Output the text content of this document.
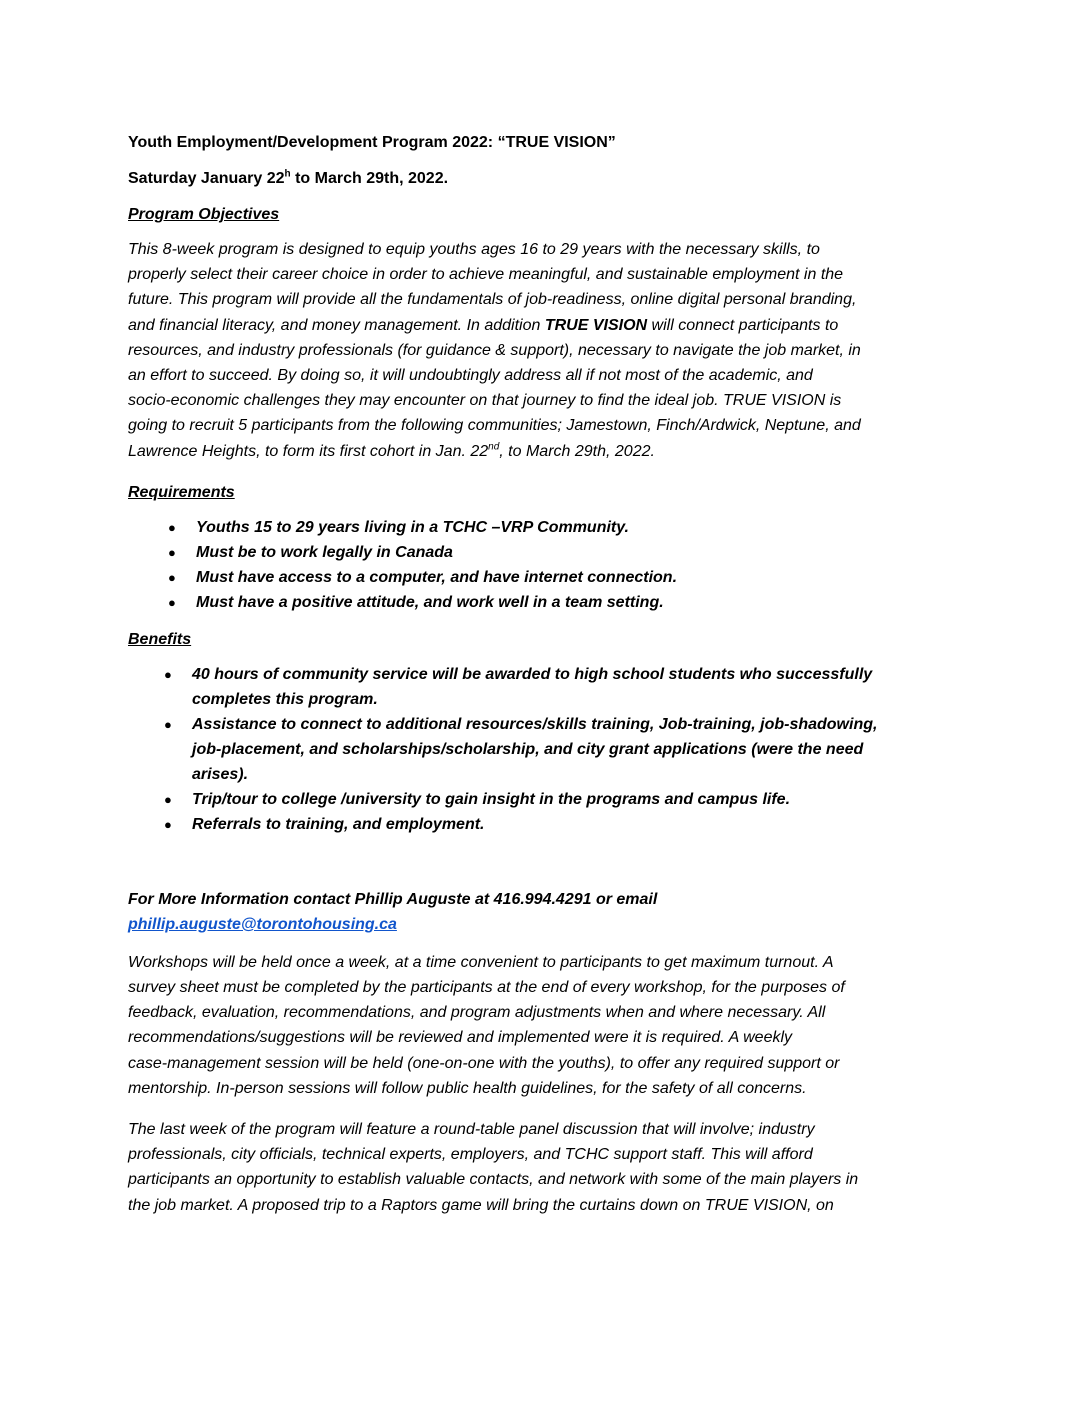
Youth Employment/Development Program 2022: “TRUE VISION”

Saturday January 22$^h$ to March 29th, 2022.

Program Objectives

This 8-week program is designed to equip youths ages 16 to 29 years with the necessary skills, to

properly select their career choice in order to achieve meaningful, and sustainable employment in the

future. This program will provide all the fundamentals of job-readiness, online digital personal branding,

and financial literacy, and money management. In addition TRUE VISION will connect participants to

resources, and industry professionals (for guidance & support), necessary to navigate the job market, in

an effort to succeed. By doing so, it will undoubtingly address all if not most of the academic, and

socio-economic challenges they may encounter on that journey to find the ideal job. TRUE VISION is

going to recruit 5 participants from the following communities; Jamestown, Finch/Ardwick, Neptune, and

Lawrence Heights, to form its first cohort in Jan. 22nd, to March 29th, 2022.

Requirements

● Youths 15 to 29 years living in a TCHC –VRP Community.
● Must be to work legally in Canada
● Must have access to a computer, and have internet connection.
● Must have a positive attitude, and work well in a team setting.

Benefits

● 40 hours of community service will be awarded to high school students who successfully
completes this program.
● Assistance to connect to additional resources/skills training, Job-training, job-shadowing,
job-placement, and scholarships/scholarship, and city grant applications (were the need
arises).
● Trip/tour to college /university to gain insight in the programs and campus life.
● Referrals to training, and employment.

For More Information contact Phillip Auguste at 416.994.4291 or email

phillip.auguste@torontohousing.ca

Workshops will be held once a week, at a time convenient to participants to get maximum turnout. A

survey sheet must be completed by the participants at the end of every workshop, for the purposes of

feedback, evaluation, recommendations, and program adjustments when and where necessary. All

recommendations/suggestions will be reviewed and implemented were it is required. A weekly

case-management session will be held (one-on-one with the youths), to offer any required support or

mentorship. In-person sessions will follow public health guidelines, for the safety of all concerns.

The last week of the program will feature a round-table panel discussion that will involve; industry

professionals, city officials, technical experts, employers, and TCHC support staff. This will afford

participants an opportunity to establish valuable contacts, and network with some of the main players in

the job market. A proposed trip to a Raptors game will bring the curtains down on TRUE VISION, on
